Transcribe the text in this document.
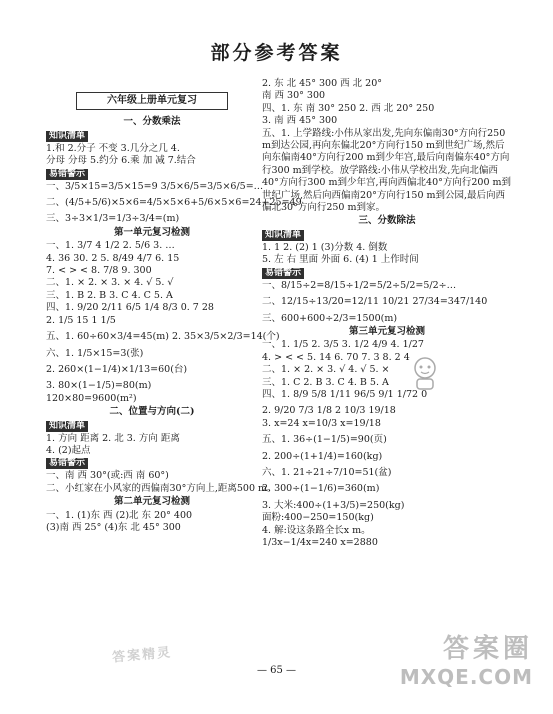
部分参考答案
六年级上册单元复习
一、分数乘法
知识清单
1.和 2.分子 不变 3.几分之几 4.
分母 分母 5.约分 6.乘 加 减 7.结合
易错警示
一、3/5×15=3/5×15=9 3/5×6/5=3/5×6/5=…
二、(4/5+5/6)×5×6=4/5×5×6+5/6×5×6=24+25=49
三、3÷3×1/3=1/3÷3/4=(m)
第一单元复习检测
一、1. 3/7 4 1/2 2. 5/6 3. …
4. 36 30. 2 5. 8/49 4/7 6. 15
7. < > < 8. 7/8 9. 300
二、1. × 2. × 3. × 4. √ 5. √
三、1. B 2. B 3. C 4. C 5. A
四、1. 9/20 2/11 6/5 1/4 8/3 0. 7 28
2. 1/5 15 1 1/5
五、1. 60÷60×3/4=45(m) 2. 35×3/5×2/3=14(个)
六、1. 1/5×15=3(张)
2. 260×(1−1/4)×1/13=60(台)
3. 80×(1−1/5)=80(m)
120×80=9600(m²)
二、位置与方向(二)
知识清单
1. 方向 距离 2. 北 3. 方向 距离
4. (2)起点
易错警示
一、南 西 30°(或:西 南 60°)
二、小红家在小风家的西偏南30°方向上,距离500 m。
第二单元复习检测
一、1. (1)东 西 (2)北 东 20° 400
(3)南 西 25° (4)东 北 45° 300
2. 东 北 45° 300 西 北 20°
南 西 30° 300
四、1. 东 南 30° 250 2. 西 北 20° 250
3. 南 西 45° 300
五、1. 上学路线:小伟从家出发,先向东偏南30°方向行250 m到达公园,再向东偏北20°方向行150 m到世纪广场,然后向东偏南40°方向行200 m到少年宫,最后向南偏东40°方向行300 m到学校。放学路线:小伟从学校出发,先向北偏西40°方向行300 m到少年宫,再向西偏北40°方向行200 m到世纪广场,然后向西偏南20°方向行150 m到公园,最后向西偏北30°方向行250 m到家。
三、分数除法
知识清单
1. 1 2. (2) 1 (3)分数 4. 倒数
5. 左 右 里面 外面 6. (4) 1 上作时间
易错警示
一、8/15÷2=8/15÷1/2=5/2÷5/2=5/2÷…
二、12/15÷13/20=12/11 10/21 27/34=347/140
三、600+600÷2/3=1500(m)
第三单元复习检测
一、1. 1/5 2. 3/5 3. 1/2 4/9 4. 1/27
4. > < < 5. 14 6. 70 7. 3 8. 2 4
二、1. × 2. × 3. √ 4. √ 5. ×
三、1. C 2. B 3. C 4. B 5. A
四、1. 8/9 5/8 1/11 96/5 9/1 1/72 0
2. 9/20 7/3 1/8 2 10/3 19/18
3. x=24 x=10/3 x=19/18
五、1. 36÷(1−1/5)=90(页)
2. 200÷(1+1/4)=160(kg)
六、1. 21÷21÷7/10=51(盆)
2. 300÷(1−1/6)=360(m)
3. 大米:400÷(1+3/5)=250(kg)
面粉:400−250=150(kg)
4. 解:设这条路全长x m。
1/3x−1/4x=240 x=2880
答案精灵
— 65 —
答案圈
MXQE.COM
